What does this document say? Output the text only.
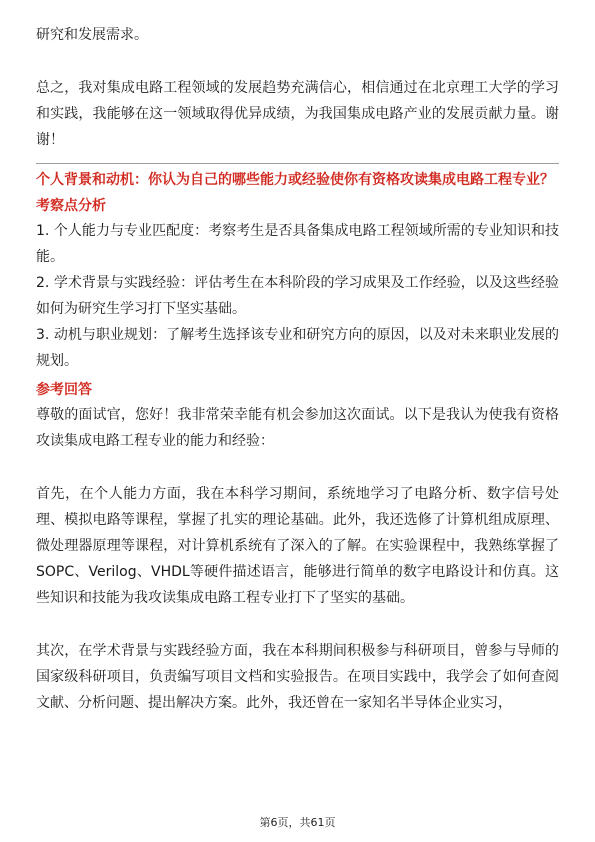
研究和发展需求。

总之，我对集成电路工程领域的发展趋势充满信心，相信通过在北京理工大学的学习和实践，我能够在这一领域取得优异成绩，为我国集成电路产业的发展贡献力量。谢谢！

个人背景和动机：你认为自己的哪些能力或经验使你有资格攻读集成电路工程专业？

考察点分析

1. 个人能力与专业匹配度：考察考生是否具备集成电路工程领域所需的专业知识和技能。

2. 学术背景与实践经验：评估考生在本科阶段的学习成果及工作经验，以及这些经验如何为研究生学习打下坚实基础。

3. 动机与职业规划：了解考生选择该专业和研究方向的原因，以及对未来职业发展的规划。

参考回答

尊敬的面试官，您好！我非常荣幸能有机会参加这次面试。以下是我认为使我有资格攻读集成电路工程专业的能力和经验：

首先，在个人能力方面，我在本科学习期间，系统地学习了电路分析、数字信号处理、模拟电路等课程，掌握了扎实的理论基础。此外，我还选修了计算机组成原理、微处理器原理等课程，对计算机系统有了深入的了解。在实验课程中，我熟练掌握了SOPC、Verilog、VHDL等硬件描述语言，能够进行简单的数字电路设计和仿真。这些知识和技能为我攻读集成电路工程专业打下了坚实的基础。

其次，在学术背景与实践经验方面，我在本科期间积极参与科研项目，曾参与导师的国家级科研项目，负责编写项目文档和实验报告。在项目实践中，我学会了如何查阅文献、分析问题、提出解决方案。此外，我还曾在一家知名半导体企业实习，

第6页，共61页
